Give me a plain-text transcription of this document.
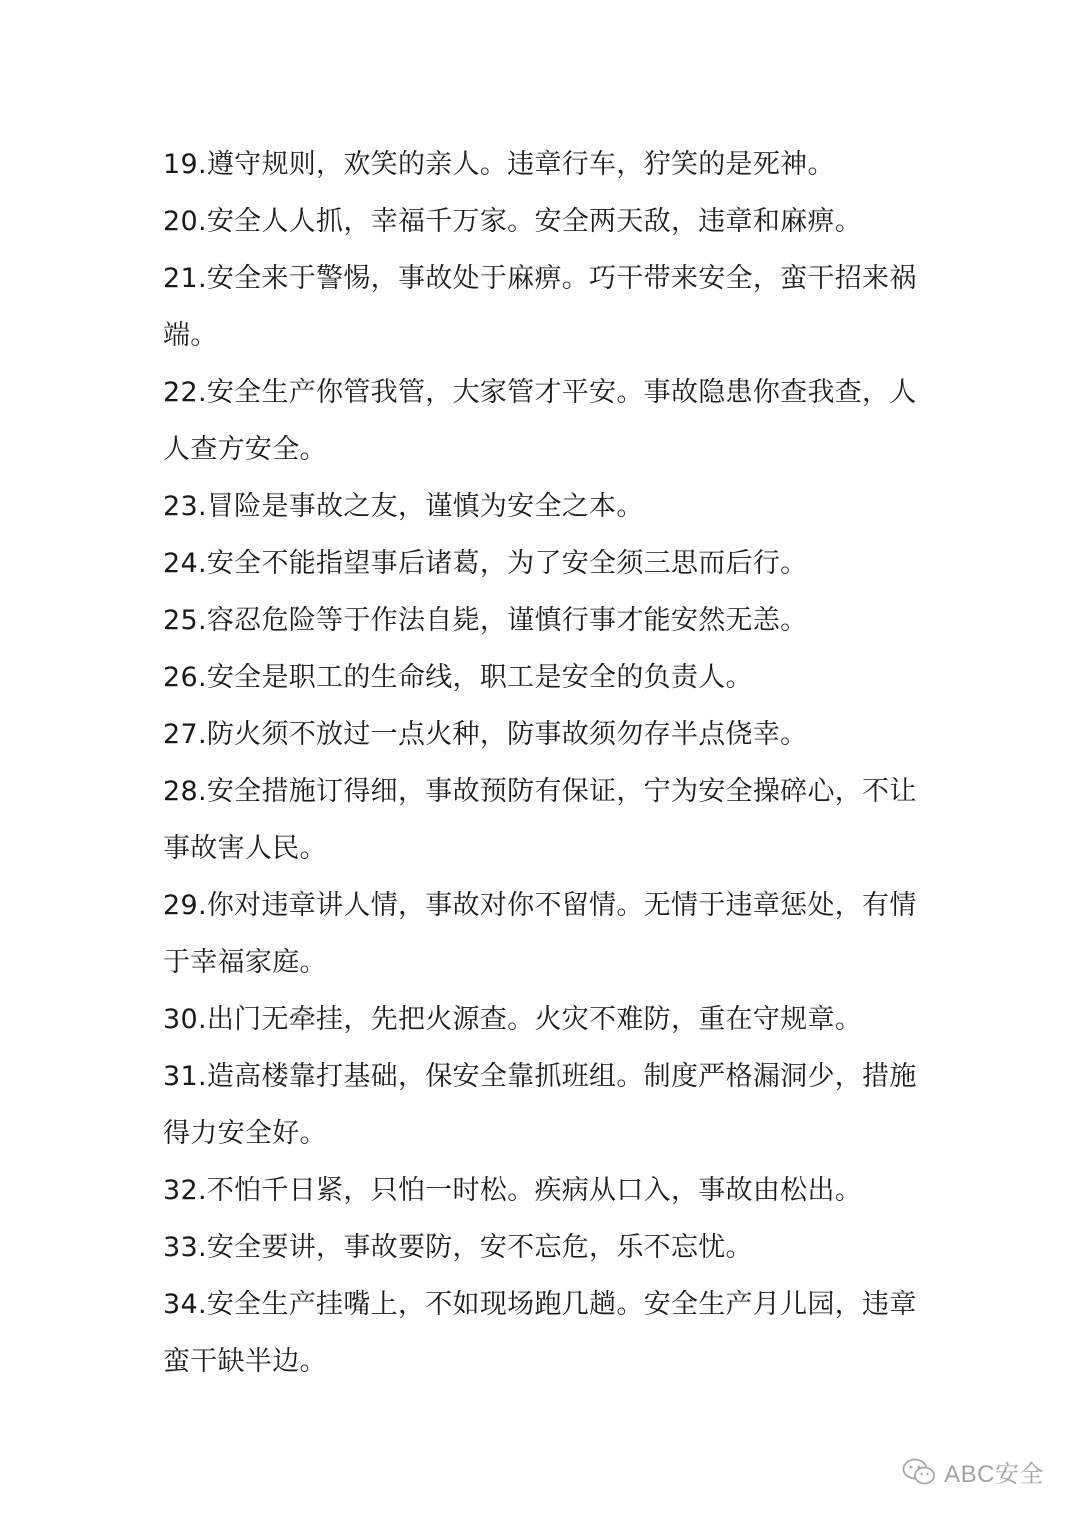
19.遵守规则，欢笑的亲人。违章行车，狞笑的是死神。

20.安全人人抓，幸福千万家。安全两天敌，违章和麻痹。

21.安全来于警惕，事故处于麻痹。巧干带来安全，蛮干招来祸
端。

22.安全生产你管我管，大家管才平安。事故隐患你查我查，人
人查方安全。

23.冒险是事故之友，谨慎为安全之本。

24.安全不能指望事后诸葛，为了安全须三思而后行。

25.容忍危险等于作法自毙，谨慎行事才能安然无恙。

26.安全是职工的生命线，职工是安全的负责人。

27.防火须不放过一点火种，防事故须勿存半点侥幸。

28.安全措施订得细，事故预防有保证，宁为安全操碎心，不让
事故害人民。

29.你对违章讲人情，事故对你不留情。无情于违章惩处，有情
于幸福家庭。

30.出门无牵挂，先把火源查。火灾不难防，重在守规章。

31.造高楼靠打基础，保安全靠抓班组。制度严格漏洞少，措施
得力安全好。

32.不怕千日紧，只怕一时松。疾病从口入，事故由松出。

33.安全要讲，事故要防，安不忘危，乐不忘忧。

34.安全生产挂嘴上，不如现场跑几趟。安全生产月儿园，违章
蛮干缺半边。

ABC安全
